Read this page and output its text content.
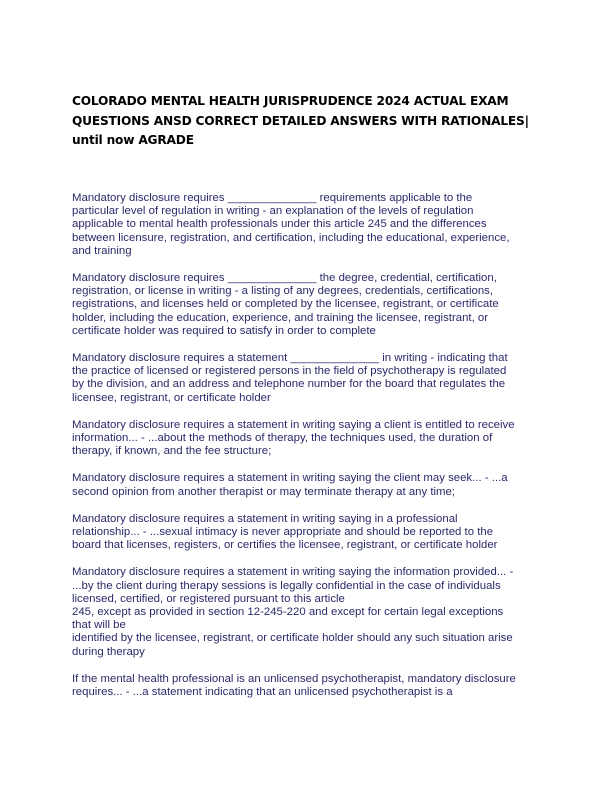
COLORADO MENTAL HEALTH JURISPRUDENCE 2024 ACTUAL EXAM
QUESTIONS ANSD CORRECT DETAILED ANSWERS WITH RATIONALES|
until now AGRADE

Mandatory disclosure requires ______________ requirements applicable to the
particular level of regulation in writing - an explanation of the levels of regulation
applicable to mental health professionals under this article 245 and the differences
between licensure, registration, and certification, including the educational, experience,
and training

Mandatory disclosure requires ______________ the degree, credential, certification,
registration, or license in writing - a listing of any degrees, credentials, certifications,
registrations, and licenses held or completed by the licensee, registrant, or certificate
holder, including the education, experience, and training the licensee, registrant, or
certificate holder was required to satisfy in order to complete

Mandatory disclosure requires a statement ______________ in writing - indicating that
the practice of licensed or registered persons in the field of psychotherapy is regulated
by the division, and an address and telephone number for the board that regulates the
licensee, registrant, or certificate holder

Mandatory disclosure requires a statement in writing saying a client is entitled to receive
information... - ...about the methods of therapy, the techniques used, the duration of
therapy, if known, and the fee structure;

Mandatory disclosure requires a statement in writing saying the client may seek... - ...a
second opinion from another therapist or may terminate therapy at any time;

Mandatory disclosure requires a statement in writing saying in a professional
relationship... - ...sexual intimacy is never appropriate and should be reported to the
board that licenses, registers, or certifies the licensee, registrant, or certificate holder

Mandatory disclosure requires a statement in writing saying the information provided... -
...by the client during therapy sessions is legally confidential in the case of individuals
licensed, certified, or registered pursuant to this article
245, except as provided in section 12-245-220 and except for certain legal exceptions
that will be
identified by the licensee, registrant, or certificate holder should any such situation arise
during therapy

If the mental health professional is an unlicensed psychotherapist, mandatory disclosure
requires... - ...a statement indicating that an unlicensed psychotherapist is a
